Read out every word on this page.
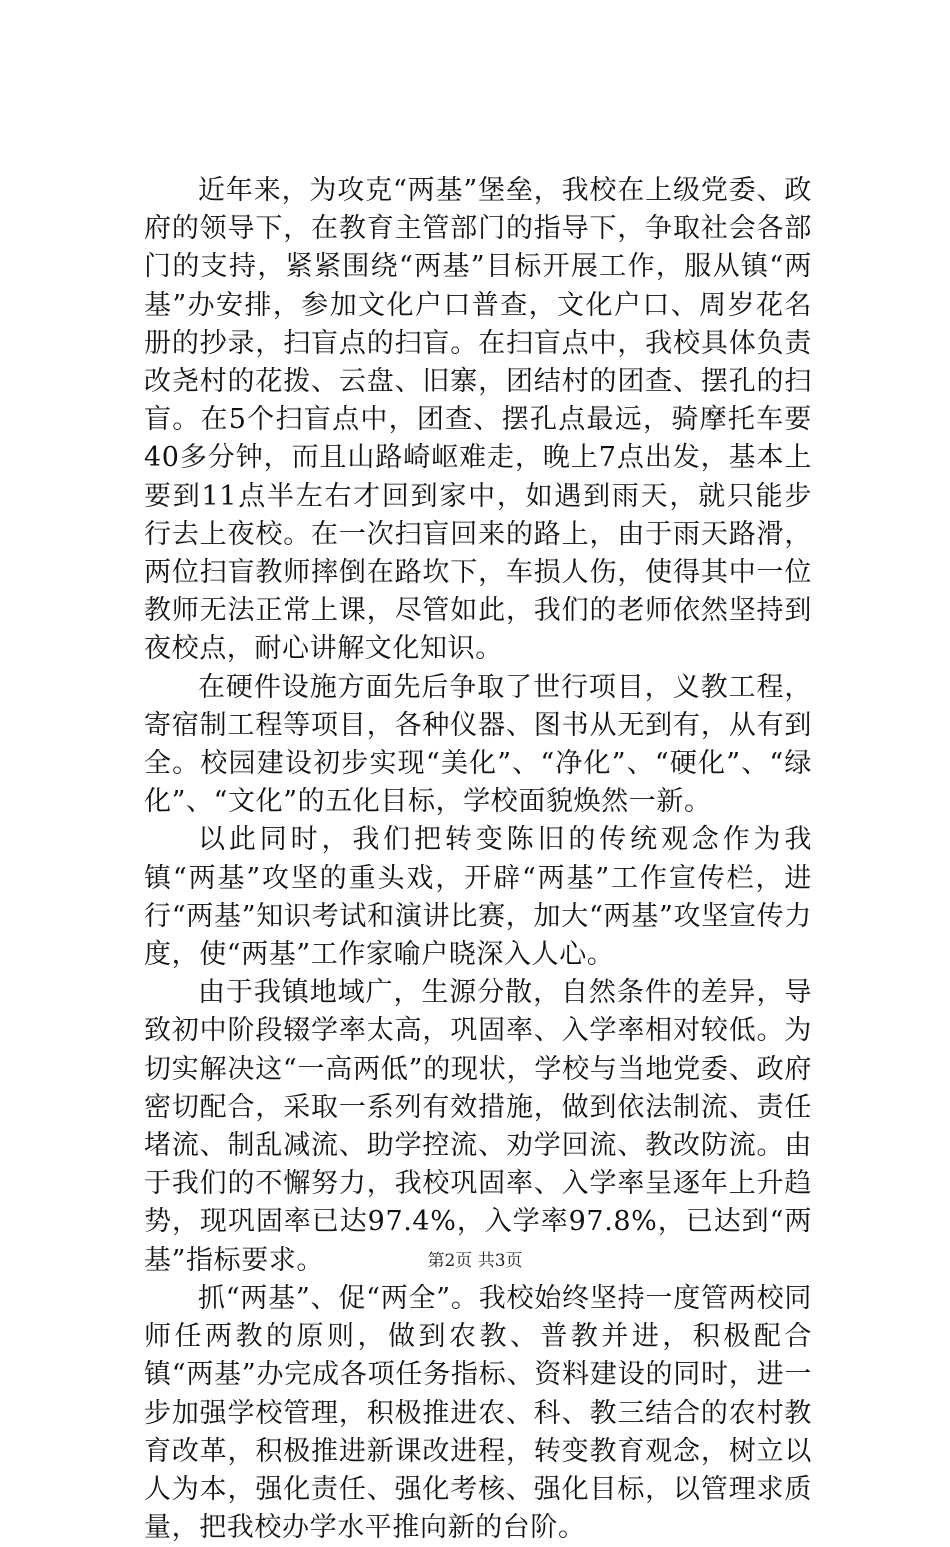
近年来，为攻克“两基”堡垒，我校在上级党委、政府的领导下，在教育主管部门的指导下，争取社会各部门的支持，紧紧围绕“两基”目标开展工作，服从镇“两基”办安排，参加文化户口普查，文化户口、周岁花名册的抄录，扫盲点的扫盲。在扫盲点中，我校具体负责改尧村的花拨、云盘、旧寨，团结村的团查、摆孔的扫盲。在5个扫盲点中，团查、摆孔点最远，骑摩托车要40多分钟，而且山路崎岖难走，晚上7点出发，基本上要到11点半左右才回到家中，如遇到雨天，就只能步行去上夜校。在一次扫盲回来的路上，由于雨天路滑，两位扫盲教师摔倒在路坎下，车损人伤，使得其中一位教师无法正常上课，尽管如此，我们的老师依然坚持到夜校点，耐心讲解文化知识。

在硬件设施方面先后争取了世行项目，义教工程，寄宿制工程等项目，各种仪器、图书从无到有，从有到全。校园建设初步实现“美化”、“净化”、“硬化”、“绿化”、“文化”的五化目标，学校面貌焕然一新。

以此同时，我们把转变陈旧的传统观念作为我镇“两基”攻坚的重头戏，开辟“两基”工作宣传栏，进行“两基”知识考试和演讲比赛，加大“两基”攻坚宣传力度，使“两基”工作家喻户晓深入人心。

由于我镇地域广，生源分散，自然条件的差异，导致初中阶段辍学率太高，巩固率、入学率相对较低。为切实解决这“一高两低”的现状，学校与当地党委、政府密切配合，采取一系列有效措施，做到依法制流、责任堵流、制乱减流、助学控流、劝学回流、教改防流。由于我们的不懈努力，我校巩固率、入学率呈逐年上升趋势，现巩固率已达97.4%，入学率97.8%，已达到“两基”指标要求。

抓“两基”、促“两全”。我校始终坚持一度管两校同师任两教的原则，做到农教、普教并进，积极配合镇“两基”办完成各项任务指标、资料建设的同时，进一步加强学校管理，积极推进农、科、教三结合的农村教育改革，积极推进新课改进程，转变教育观念，树立以人为本，强化责任、强化考核、强化目标，以管理求质量，把我校办学水平推向新的台阶。

第2页 共3页
